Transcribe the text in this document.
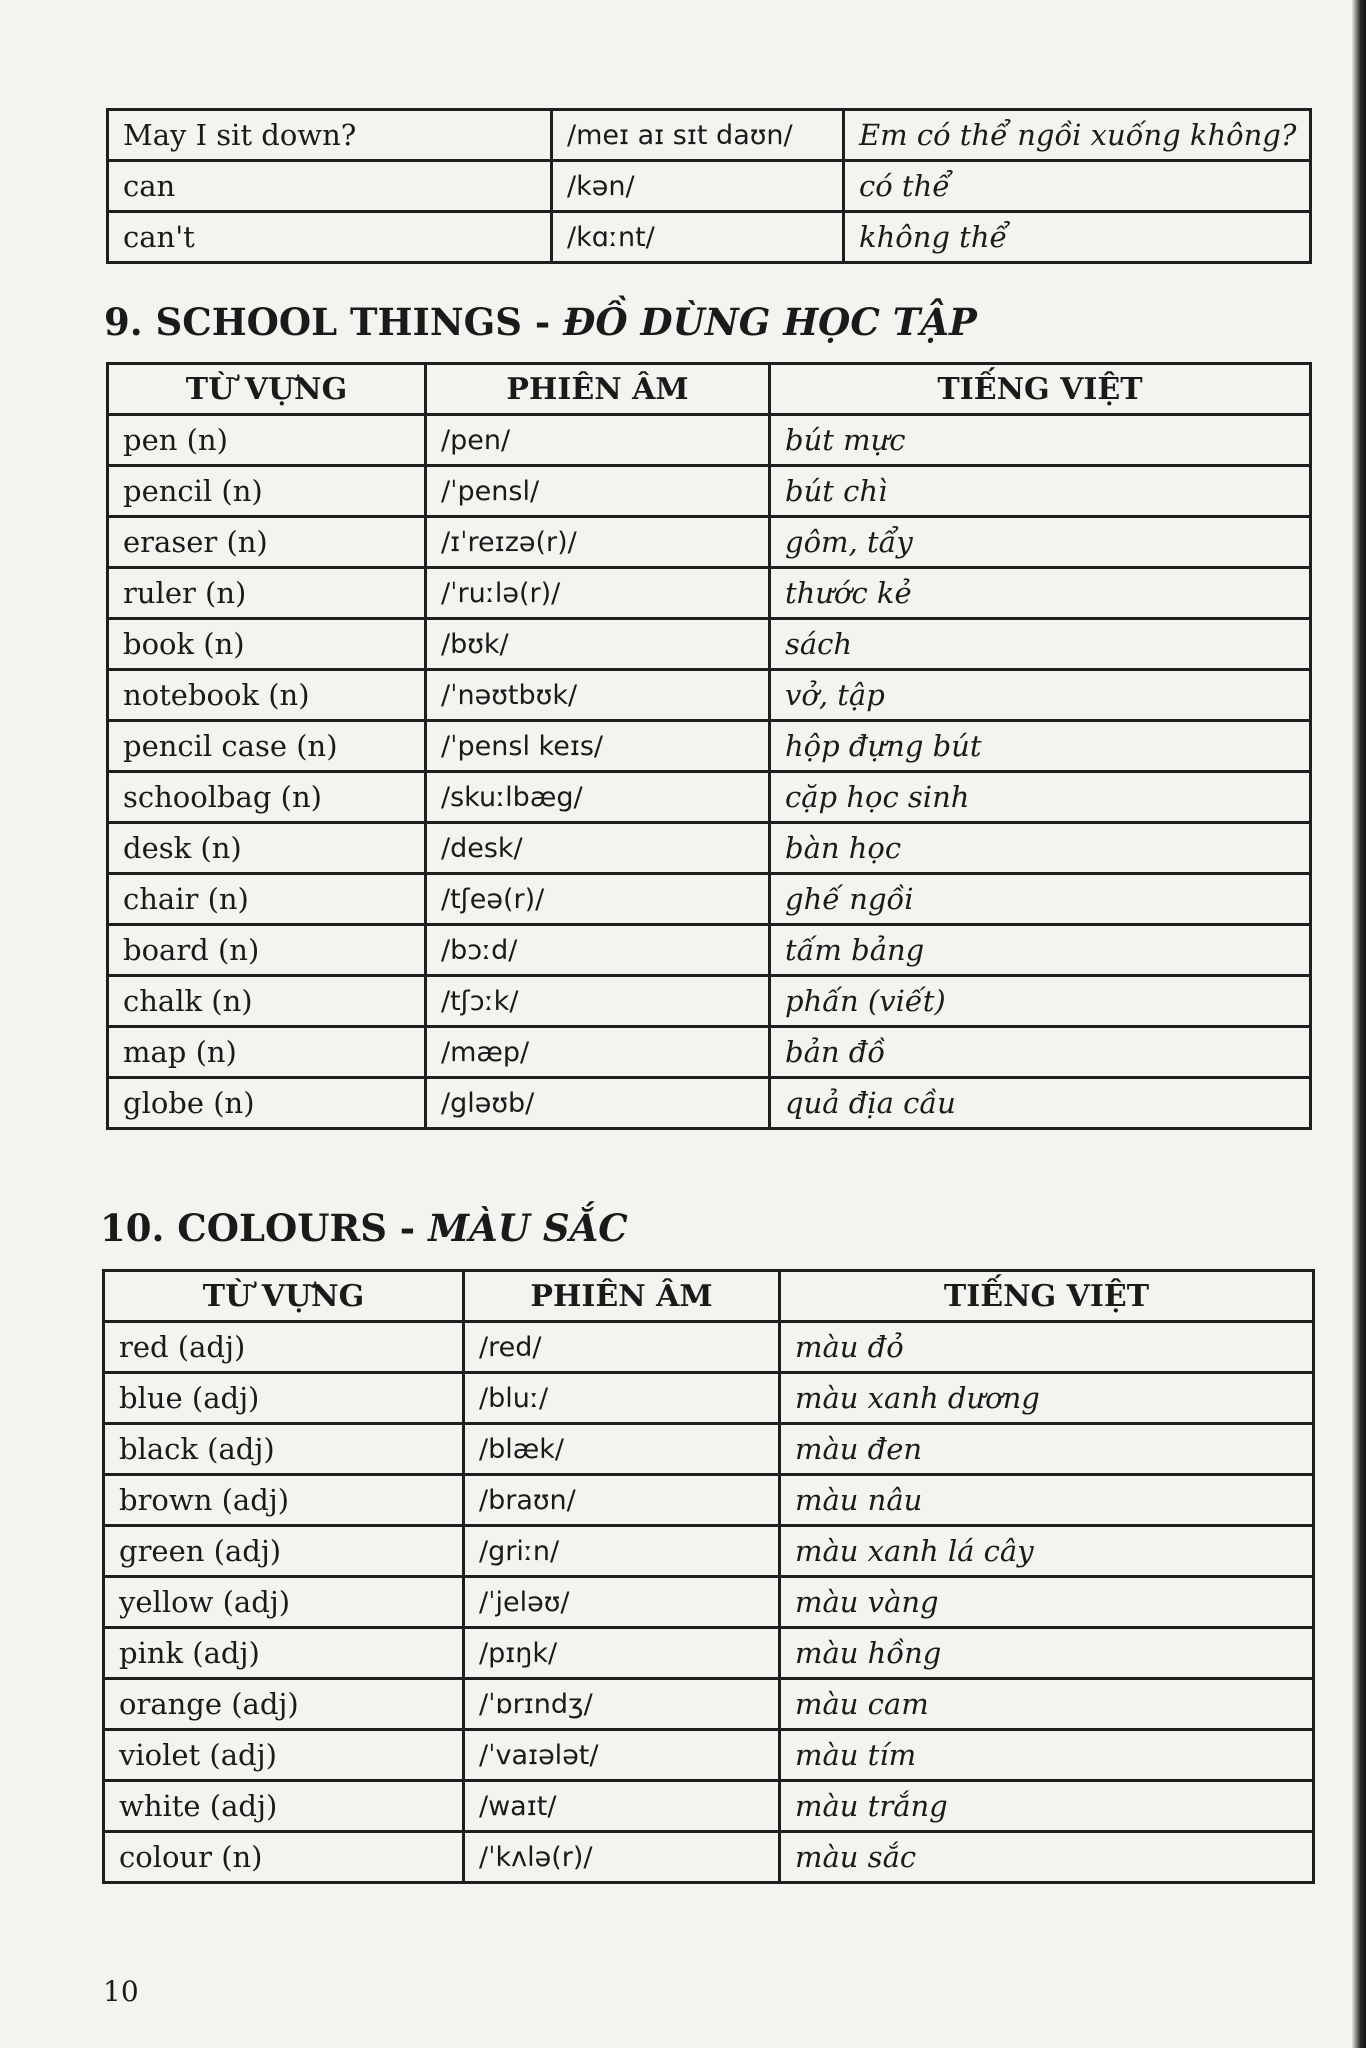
May I sit down?	/meɪ aɪ sɪt daʊn/	Em có thể ngồi xuống không?
can	/kən/	có thể
can't	/kɑːnt/	không thể
9. SCHOOL THINGS - ĐỒ DÙNG HỌC TẬP
TỪ VỰNG	PHIÊN ÂM	TIẾNG VIỆT
pen (n)	/pen/	bút mực
pencil (n)	/ˈpensl/	bút chì
eraser (n)	/ɪˈreɪzə(r)/	gôm, tẩy
ruler (n)	/ˈruːlə(r)/	thước kẻ
book (n)	/bʊk/	sách
notebook (n)	/ˈnəʊtbʊk/	vở, tập
pencil case (n)	/ˈpensl keɪs/	hộp đựng bút
schoolbag (n)	/skuːlbæg/	cặp học sinh
desk (n)	/desk/	bàn học
chair (n)	/tʃeə(r)/	ghế ngồi
board (n)	/bɔːd/	tấm bảng
chalk (n)	/tʃɔːk/	phấn (viết)
map (n)	/mæp/	bản đồ
globe (n)	/gləʊb/	quả địa cầu
10. COLOURS - MÀU SẮC
TỪ VỰNG	PHIÊN ÂM	TIẾNG VIỆT
red (adj)	/red/	màu đỏ
blue (adj)	/bluː/	màu xanh dương
black (adj)	/blæk/	màu đen
brown (adj)	/braʊn/	màu nâu
green (adj)	/griːn/	màu xanh lá cây
yellow (adj)	/ˈjeləʊ/	màu vàng
pink (adj)	/pɪŋk/	màu hồng
orange (adj)	/ˈɒrɪndʒ/	màu cam
violet (adj)	/ˈvaɪələt/	màu tím
white (adj)	/waɪt/	màu trắng
colour (n)	/ˈkʌlə(r)/	màu sắc
10
